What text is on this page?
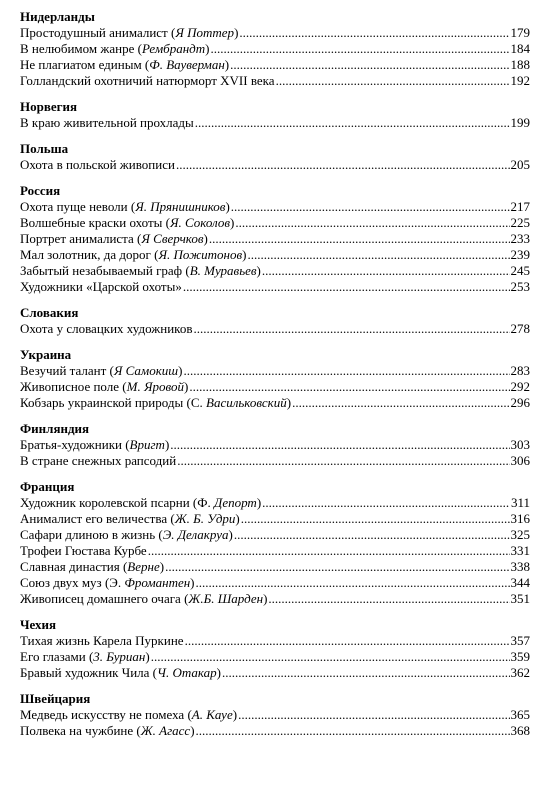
Нидерланды
Простодушный анималист (Я Поттер) .....	179
В нелюбимом жанре (Рембрандт) .....	184
Не плагиатом единым (Ф. Вауверман) .....	188
Голландский охотничий натюрморт XVII века .....	192
Норвегия
В краю живительной прохлады .....	199
Польша
Охота в польской живописи .....	205
Россия
Охота пуще неволи (Я. Прянишников) .....	217
Волшебные краски охоты (Я. Соколов) .....	225
Портрет анималиста (Я Сверчков) .....	233
Мал золотник, да дорог (Я. Пожитонов) .....	239
Забытый незабываемый граф (В. Муравьев) .....	245
Художники «Царской охоты» .....	253
Словакия
Охота у словацких художников .....	278
Украина
Везучий талант (Я Самокиш) .....	283
Живописное поле (М. Яровой) .....	292
Кобзарь украинской природы (С. Васильковский) .....	296
Финляндия
Братья-художники (Вригт) .....	303
В стране снежных рапсодий .....	306
Франция
Художник королевской псарни (Ф. Депорт) .....	311
Анималист его величества (Ж. Б. Удри) .....	316
Сафари длиною в жизнь (Э. Делакруа) .....	325
Трофеи Гюстава Курбе .....	331
Славная династия (Верне) .....	338
Союз двух муз (Э. Фромантен) .....	344
Живописец домашнего очага (Ж.Б. Шарден) .....	351
Чехия
Тихая жизнь Карела Пуркине .....	357
Его глазами (3. Буриан) .....	359
Бравый художник Чила (Ч. Отакар) .....	362
Швейцария
Медведь искусству не помеха (А. Кауе) .....	365
Полвека на чужбине (Ж. Агасс) .....	368
